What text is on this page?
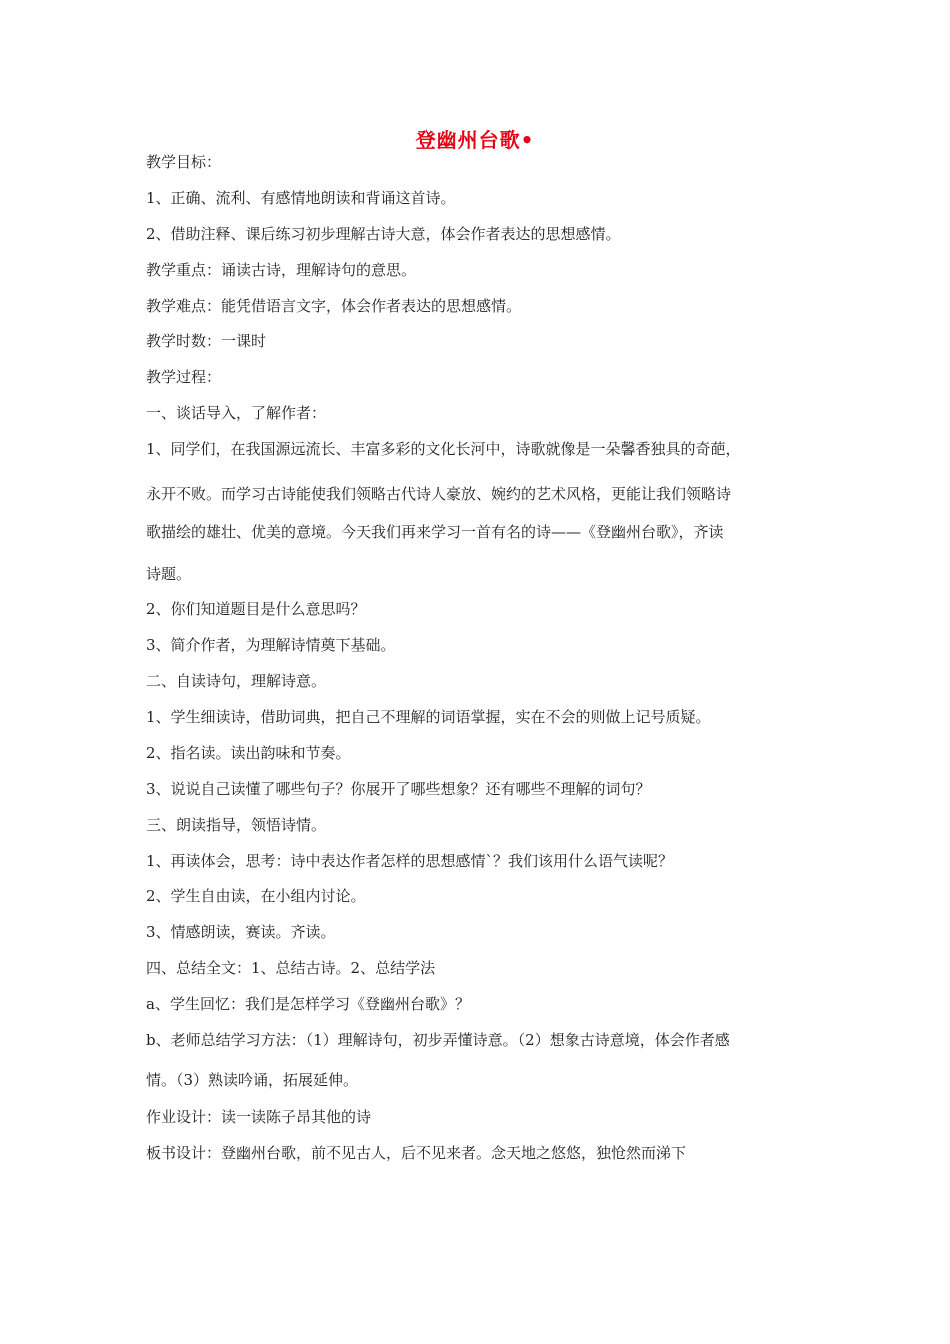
登幽州台歌•
教学目标：
1、正确、流利、有感情地朗读和背诵这首诗。
2、借助注释、课后练习初步理解古诗大意，体会作者表达的思想感情。
教学重点：诵读古诗，理解诗句的意思。
教学难点：能凭借语言文字，体会作者表达的思想感情。
教学时数：一课时
教学过程：
一、谈话导入，了解作者：
1、同学们，在我国源远流长、丰富多彩的文化长河中，诗歌就像是一朵馨香独具的奇葩，
永开不败。而学习古诗能使我们领略古代诗人豪放、婉约的艺术风格，更能让我们领略诗
歌描绘的雄壮、优美的意境。今天我们再来学习一首有名的诗——《登幽州台歌》，齐读
诗题。
2、你们知道题目是什么意思吗？
3、简介作者，为理解诗情奠下基础。
二、自读诗句，理解诗意。
1、学生细读诗，借助词典，把自己不理解的词语掌握，实在不会的则做上记号质疑。
2、指名读。读出韵味和节奏。
3、说说自己读懂了哪些句子？你展开了哪些想象？还有哪些不理解的词句？
三、朗读指导，领悟诗情。
1、再读体会，思考：诗中表达作者怎样的思想感情`？我们该用什么语气读呢？
2、学生自由读，在小组内讨论。
3、情感朗读，赛读。齐读。
四、总结全文：1、总结古诗。2、总结学法
a、学生回忆：我们是怎样学习《登幽州台歌》？
b、老师总结学习方法：（1）理解诗句，初步弄懂诗意。（2）想象古诗意境，体会作者感
情。（3）熟读吟诵，拓展延伸。
作业设计：读一读陈子昂其他的诗
板书设计：登幽州台歌，前不见古人，后不见来者。念天地之悠悠，独怆然而涕下
